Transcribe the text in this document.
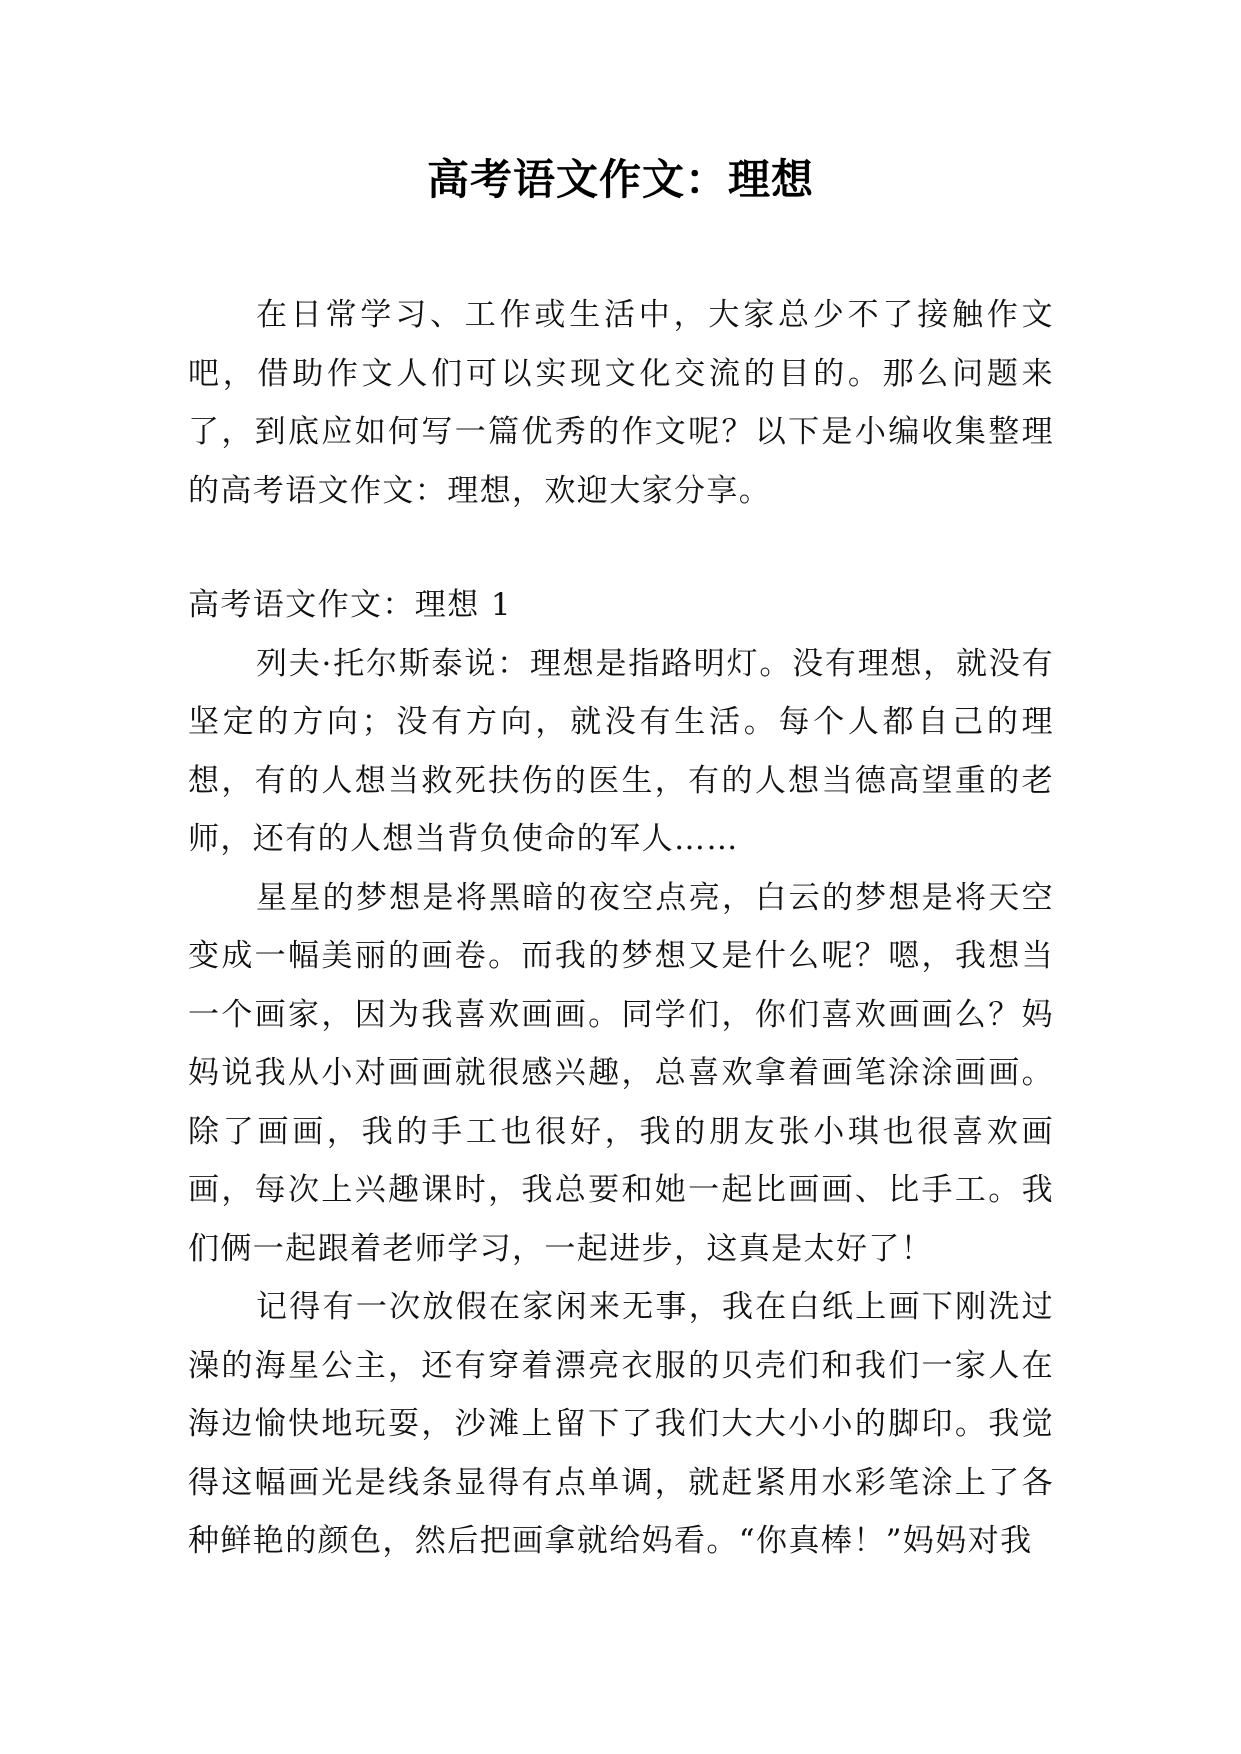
高考语文作文：理想

在日常学习、工作或生活中，大家总少不了接触作文吧，借助作文人们可以实现文化交流的目的。那么问题来了，到底应如何写一篇优秀的作文呢？以下是小编收集整理的高考语文作文：理想，欢迎大家分享。

高考语文作文：理想 1

列夫·托尔斯泰说：理想是指路明灯。没有理想，就没有坚定的方向；没有方向，就没有生活。每个人都自己的理想，有的人想当救死扶伤的医生，有的人想当德高望重的老师，还有的人想当背负使命的军人……

星星的梦想是将黑暗的夜空点亮，白云的梦想是将天空变成一幅美丽的画卷。而我的梦想又是什么呢？嗯，我想当一个画家，因为我喜欢画画。同学们，你们喜欢画画么？妈妈说我从小对画画就很感兴趣，总喜欢拿着画笔涂涂画画。除了画画，我的手工也很好，我的朋友张小琪也很喜欢画画，每次上兴趣课时，我总要和她一起比画画、比手工。我们俩一起跟着老师学习，一起进步，这真是太好了！

记得有一次放假在家闲来无事，我在白纸上画下刚洗过澡的海星公主，还有穿着漂亮衣服的贝壳们和我们一家人在海边愉快地玩耍，沙滩上留下了我们大大小小的脚印。我觉得这幅画光是线条显得有点单调，就赶紧用水彩笔涂上了各种鲜艳的颜色，然后把画拿就给妈看。“你真棒！”妈妈对我
